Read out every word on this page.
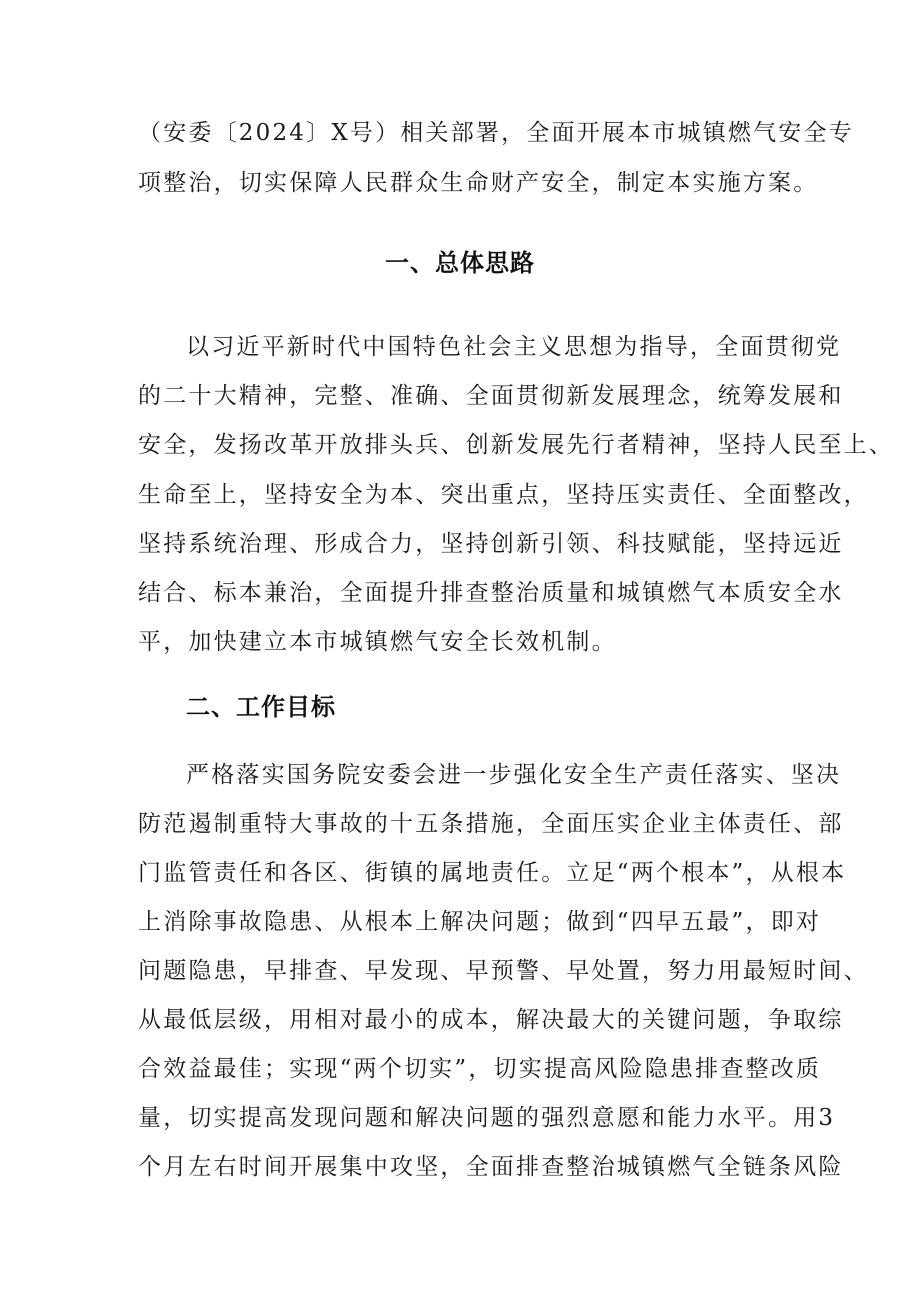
（安委〔2024〕X号）相关部署，全面开展本市城镇燃气安全专
项整治，切实保障人民群众生命财产安全，制定本实施方案。
一、总体思路
以习近平新时代中国特色社会主义思想为指导，全面贯彻党
的二十大精神，完整、准确、全面贯彻新发展理念，统筹发展和
安全，发扬改革开放排头兵、创新发展先行者精神，坚持人民至上、
生命至上，坚持安全为本、突出重点，坚持压实责任、全面整改，
坚持系统治理、形成合力，坚持创新引领、科技赋能，坚持远近
结合、标本兼治，全面提升排查整治质量和城镇燃气本质安全水
平，加快建立本市城镇燃气安全长效机制。
二、工作目标
严格落实国务院安委会进一步强化安全生产责任落实、坚决
防范遏制重特大事故的十五条措施，全面压实企业主体责任、部
门监管责任和各区、街镇的属地责任。立足“两个根本”，从根本
上消除事故隐患、从根本上解决问题；做到“四早五最”，即对
问题隐患，早排查、早发现、早预警、早处置，努力用最短时间、
从最低层级，用相对最小的成本，解决最大的关键问题，争取综
合效益最佳；实现“两个切实”，切实提高风险隐患排查整改质
量，切实提高发现问题和解决问题的强烈意愿和能力水平。用3
个月左右时间开展集中攻坚，全面排查整治城镇燃气全链条风险
